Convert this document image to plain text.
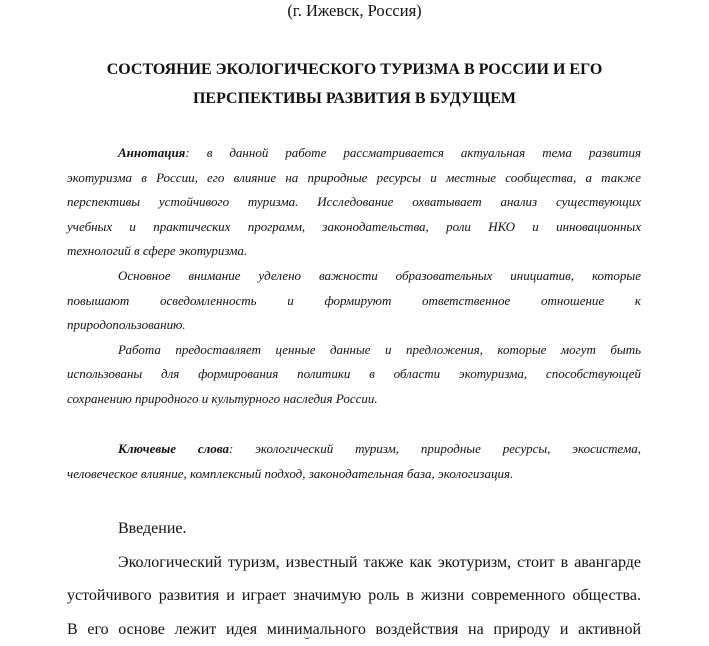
(г. Ижевск, Россия)
СОСТОЯНИЕ ЭКОЛОГИЧЕСКОГО ТУРИЗМА В РОССИИ И ЕГО
ПЕРСПЕКТИВЫ РАЗВИТИЯ В БУДУЩЕМ
Аннотация: в данной работе рассматривается актуальная тема развития
экотуризма в России, его влияние на природные ресурсы и местные сообщества, а также
перспективы устойчивого туризма. Исследование охватывает анализ существующих
учебных и практических программ, законодательства, роли НКО и инновационных
технологий в сфере экотуризма.
Основное внимание уделено важности образовательных инициатив, которые
повышают осведомленность и формируют ответственное отношение к
природопользованию.
Работа предоставляет ценные данные и предложения, которые могут быть
использованы для формирования политики в области экотуризма, способствующей
сохранению природного и культурного наследия России.
Ключевые слова: экологический туризм, природные ресурсы, экосистема,
человеческое влияние, комплексный подход, законодательная база, экологизация.
Введение.
Экологический туризм, известный также как экотуризм, стоит в авангарде
устойчивого развития и играет значимую роль в жизни современного общества.
В его основе лежит идея минимального воздействия на природу и активной
